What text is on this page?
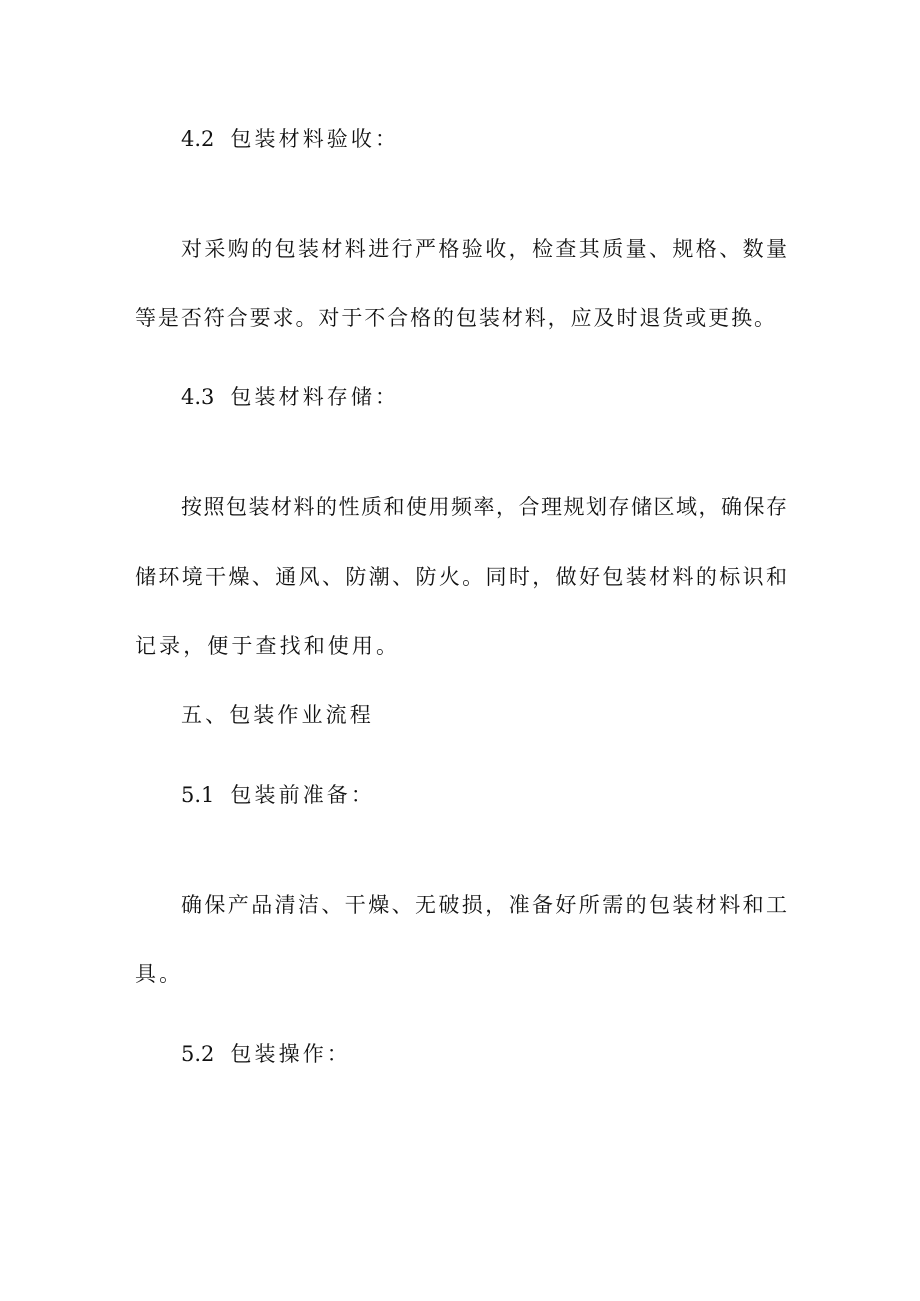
4.2 包装材料验收：

对采购的包装材料进行严格验收，检查其质量、规格、数量

等是否符合要求。对于不合格的包装材料，应及时退货或更换。

4.3 包装材料存储：

按照包装材料的性质和使用频率，合理规划存储区域，确保存

储环境干燥、通风、防潮、防火。同时，做好包装材料的标识和

记录，便于查找和使用。

五、包装作业流程

5.1 包装前准备：

确保产品清洁、干燥、无破损，准备好所需的包装材料和工

具。

5.2 包装操作：
